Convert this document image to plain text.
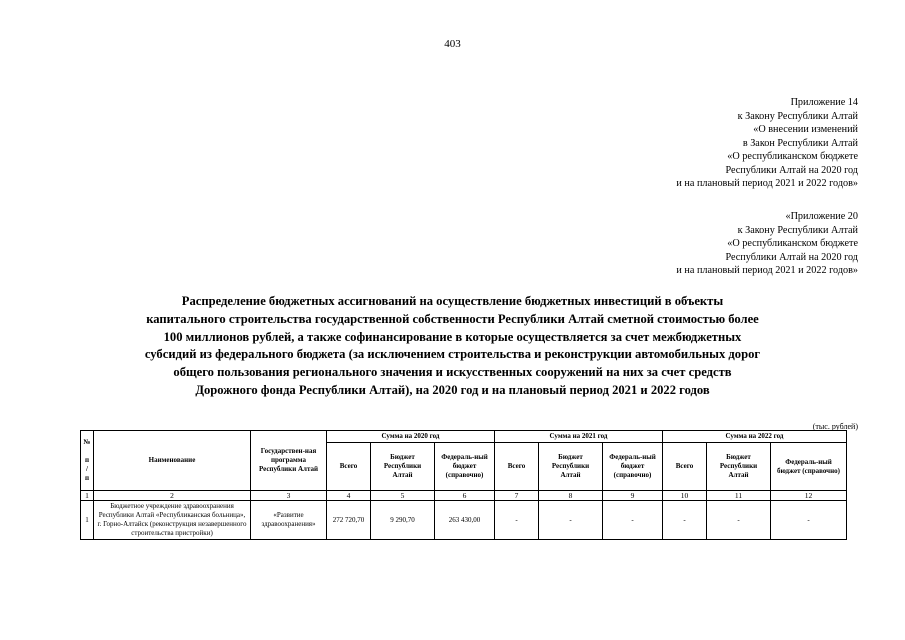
403
Приложение 14
к Закону Республики Алтай
«О внесении изменений
в Закон Республики Алтай
«О республиканском бюджете
Республики Алтай на 2020 год
и на плановый период 2021 и 2022 годов»
«Приложение 20
к Закону Республики Алтай
«О республиканском бюджете
Республики Алтай на 2020 год
и на плановый период 2021 и 2022 годов»
Распределение бюджетных ассигнований на осуществление бюджетных инвестиций в объекты
капитального строительства государственной собственности Республики Алтай сметной стоимостью более
100 миллионов рублей, а также софинансирование в которые осуществляется за счет межбюджетных
субсидий из федерального бюджета (за исключением строительства и реконструкции автомобильных дорог
общего пользования регионального значения и искусственных сооружений на них за счет средств
Дорожного фонда Республики Алтай), на 2020 год и на плановый период 2021 и 2022 годов
(тыс. рублей)
№

п
/
п	Наименование	Государствен-ная программа Республики Алтай	Сумма на 2020 год			Сумма на 2021 год			Сумма на 2022 год		
			Всего	Бюджет Республики Алтай	Федераль-ный бюджет (справочно)	Всего	Бюджет Республики Алтай	Федераль-ный бюджет (справочно)	Всего	Бюджет Республики Алтай	Федераль-ный бюджет (справочно)
1	2	3	4	5	6	7	8	9	10	11	12
1	Бюджетное учреждение здравоохранения Республики Алтай «Республиканская больница», г. Горно-Алтайск (реконструкция незавершенного строительства пристройки)	«Развитие здравоохранения»	272 720,70	9 290,70	263 430,00	-	-	-	-	-	-
